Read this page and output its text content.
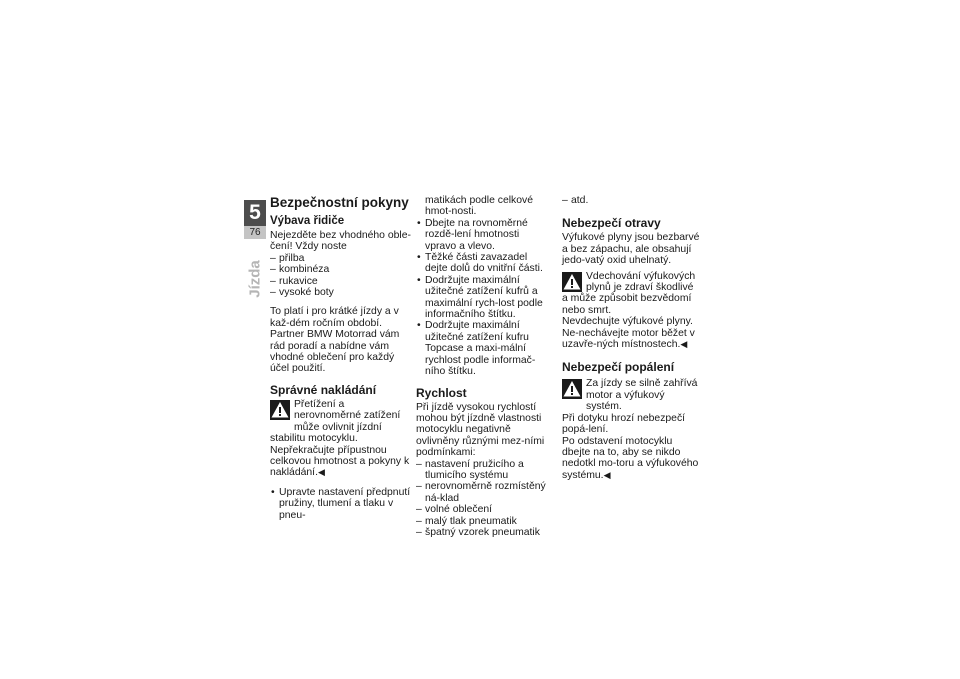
5
76
Jízda
Bezpečnostní pokyny
Výbava řidiče

Nejezděte bez vhodného oble-čení! Vždy noste

– přilba
– kombinéza
– rukavice
– vysoké boty

To platí i pro krátké jízdy a v kaž-dém ročním období. Partner BMW Motorrad vám rád poradí a nabídne vám vhodné oblečení pro každý účel použití.

Správné nakládání
Přetížení a nerovnoměrné zatížení může ovlivnit jízdní

stabilitu motocyklu. Nepřekračujte přípustnou celkovou hmotnost a pokyny k nakládání.◀

• Upravte nastavení předpnutí pružiny, tlumení a tlaku v pneu-

matikách podle celkové hmot-nosti.

• Dbejte na rovnoměrné rozdě-lení hmotnosti vpravo a vlevo.
• Těžké části zavazadel dejte dolů do vnitřní části.
• Dodržujte maximální užitečné zatížení kufrů a maximální rych-lost podle informačního štítku.
• Dodržujte maximální užitečné zatížení kufru Topcase a maxi-mální rychlost podle informač-ního štítku.
Rychlost

Při jízdě vysokou rychlostí mohou být jízdně vlastnosti motocyklu negativně ovlivněny různými mez-ními podmínkami:

– nastavení pružicího a tlumicího systému
– nerovnoměrně rozmístěný ná-klad
– volné oblečení
– malý tlak pneumatik
– špatný vzorek pneumatik
– atd.
Nebezpečí otravy

Výfukové plyny jsou bezbarvé a bez zápachu, ale obsahují jedo-vatý oxid uhelnatý.

Vdechování výfukových plynů je zdraví škodlivé

a může způsobit bezvědomí nebo smrt.

Nevdechujte výfukové plyny. Ne-nechávejte motor běžet v uzavře-ných místnostech.◀

Nebezpečí popálení
Za jízdy se silně zahřívá motor a výfukový systém.

Při dotyku hrozí nebezpečí popá-lení.

Po odstavení motocyklu dbejte na to, aby se nikdo nedotkl mo-toru a výfukového systému.◀
